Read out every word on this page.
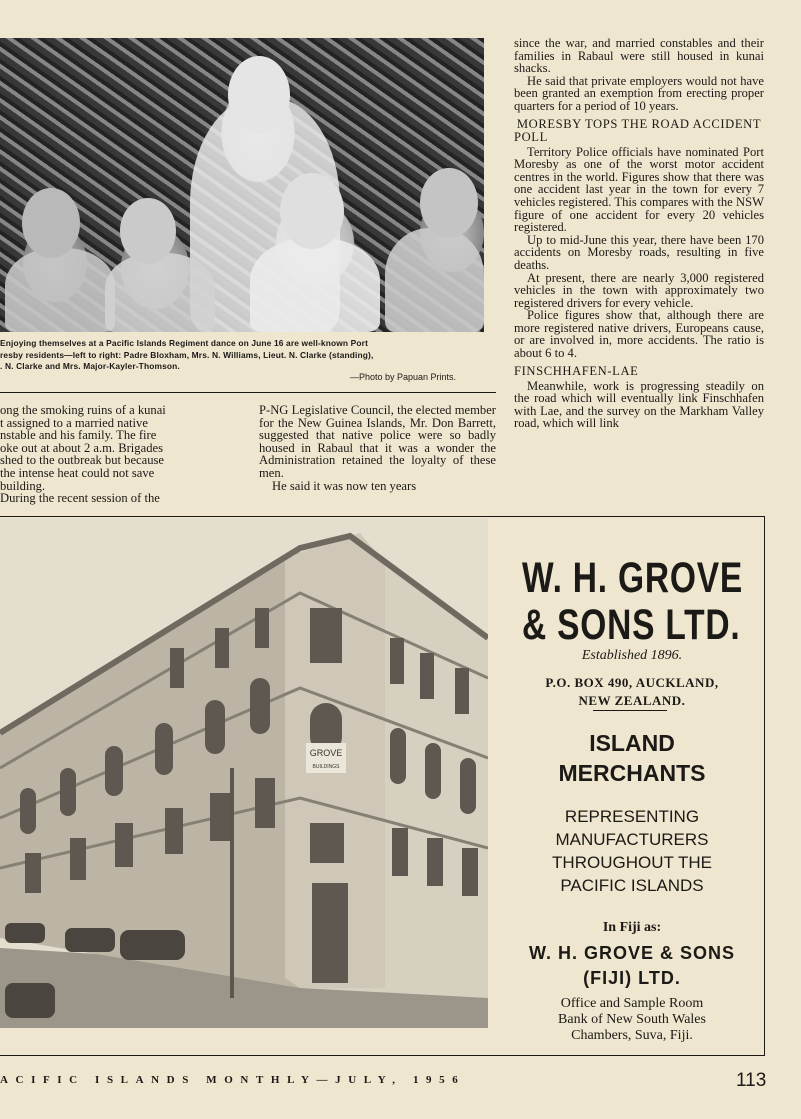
Enjoying themselves at a Pacific Islands Regiment dance on June 16 are well-known Port
resby residents—left to right: Padre Bloxham, Mrs. N. Williams, Lieut. N. Clarke (standing),
. N. Clarke and Mrs. Major-Kayler-Thomson.
—Photo by Papuan Prints.
ong the smoking ruins of a kunai
t assigned to a married native
nstable and his family. The fire
oke out at about 2 a.m. Brigades
shed to the outbreak but because
the intense heat could not save
building.
During the recent session of the

P-NG Legislative Council, the elected member for the New Guinea Islands, Mr. Don Barrett, suggested that native police were so badly housed in Rabaul that it was a wonder the Administration retained the loyalty of these men.

He said it was now ten years

since the war, and married constables and their families in Rabaul were still housed in kunai shacks.

He said that private employers would not have been granted an exemption from erecting proper quarters for a period of 10 years.

MORESBY TOPS THE ROAD ACCIDENT POLL

Territory Police officials have nominated Port Moresby as one of the worst motor accident centres in the world. Figures show that there was one accident last year in the town for every 7 vehicles registered. This compares with the NSW figure of one accident for every 20 vehicles registered.

Up to mid-June this year, there have been 170 accidents on Moresby roads, resulting in five deaths.

At present, there are nearly 3,000 registered vehicles in the town with approximately two registered drivers for every vehicle.

Police figures show that, although there are more registered native drivers, Europeans cause, or are involved in, more accidents. The ratio is about 6 to 4.

FINSCHHAFEN-LAE

Meanwhile, work is progressing steadily on the road which will eventually link Finschhafen with Lae, and the survey on the Markham Valley road, which will link

GROVE
BUILDINGS
W. H. GROVE
& SONS LTD.
Established 1896.
P.O. BOX 490, AUCKLAND,
NEW ZEALAND.
ISLAND
MERCHANTS
REPRESENTING
MANUFACTURERS
THROUGHOUT THE
PACIFIC ISLANDS
In Fiji as:
W. H. GROVE & SONS
(FIJI) LTD.
Office and Sample Room
Bank of New South Wales
Chambers, Suva, Fiji.
ACIFIC ISLANDS MONTHLY—JULY, 1956	113
